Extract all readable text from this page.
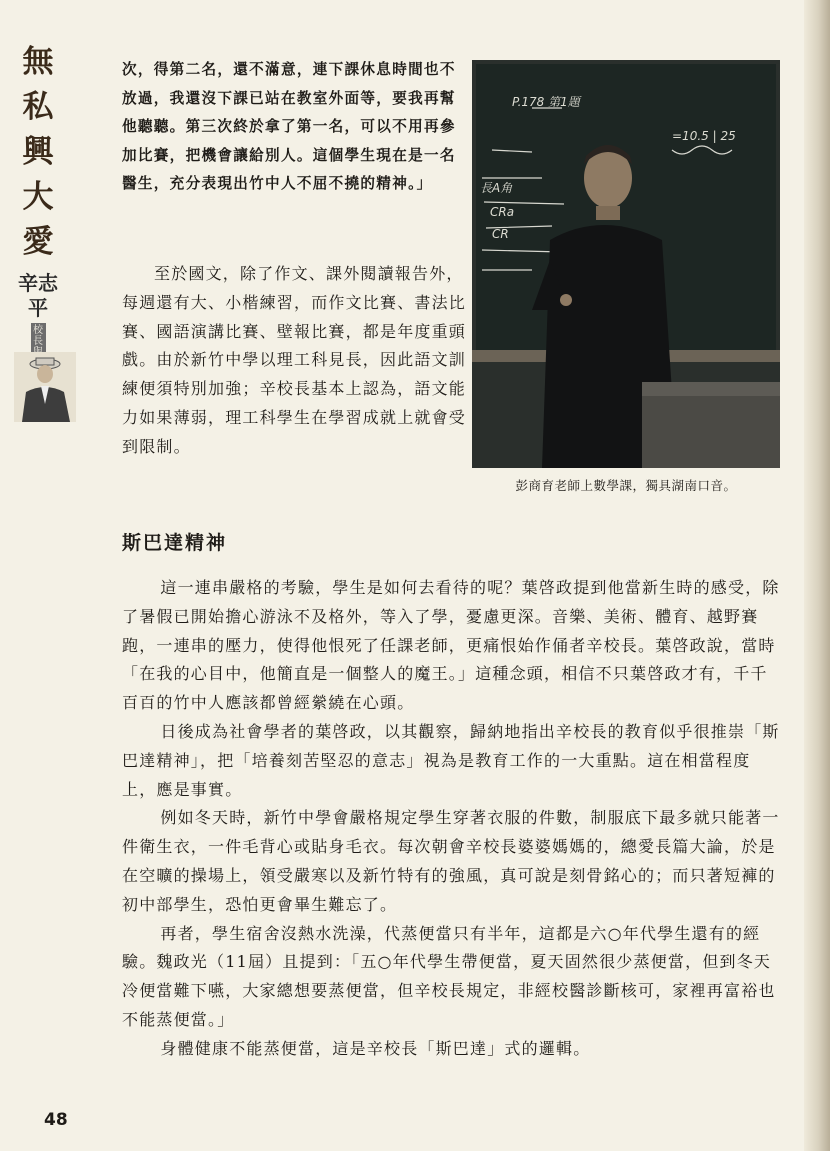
無私興大愛
辛志平
校長
次，得第二名，還不滿意，連下課休息時間也不放過，我還沒下課已站在教室外面等，要我再幫他聽聽。第三次終於拿了第一名，可以不用再參加比賽，把機會讓給別人。這個學生現在是一名醫生，充分表現出竹中人不屈不撓的精神。」
至於國文，除了作文、課外閱讀報告外，每週還有大、小楷練習，而作文比賽、書法比賽、國語演講比賽、壁報比賽，都是年度重頭戲。由於新竹中學以理工科見長，因此語文訓練便須特別加強；辛校長基本上認為，語文能力如果薄弱，理工科學生在學習成就上就會受到限制。
P.178 第1題
=10.5 | 25
CRa
CR
長A角
彭商育老師上數學課，獨具湖南口音。
斯巴達精神

這一連串嚴格的考驗，學生是如何去看待的呢？葉啓政提到他當新生時的感受，除了暑假已開始擔心游泳不及格外，等入了學，憂慮更深。音樂、美術、體育、越野賽跑，一連串的壓力，使得他恨死了任課老師，更痛恨始作俑者辛校長。葉啓政說，當時「在我的心目中，他簡直是一個整人的魔王。」這種念頭，相信不只葉啓政才有，千千百百的竹中人應該都曾經縈繞在心頭。

日後成為社會學者的葉啓政，以其觀察，歸納地指出辛校長的教育似乎很推崇「斯巴達精神」，把「培養刻苦堅忍的意志」視為是教育工作的一大重點。這在相當程度上，應是事實。

例如冬天時，新竹中學會嚴格規定學生穿著衣服的件數，制服底下最多就只能著一件衛生衣，一件毛背心或貼身毛衣。每次朝會辛校長婆婆媽媽的，總愛長篇大論，於是在空曠的操場上，領受嚴寒以及新竹特有的強風，真可說是刻骨銘心的；而只著短褲的初中部學生，恐怕更會畢生難忘了。

再者，學生宿舍沒熱水洗澡，代蒸便當只有半年，這都是六○年代學生還有的經驗。魏政光（11屆）且提到：「五○年代學生帶便當，夏天固然很少蒸便當，但到冬天冷便當難下嚥，大家總想要蒸便當，但辛校長規定，非經校醫診斷核可，家裡再富裕也不能蒸便當。」

身體健康不能蒸便當，這是辛校長「斯巴達」式的邏輯。

48
